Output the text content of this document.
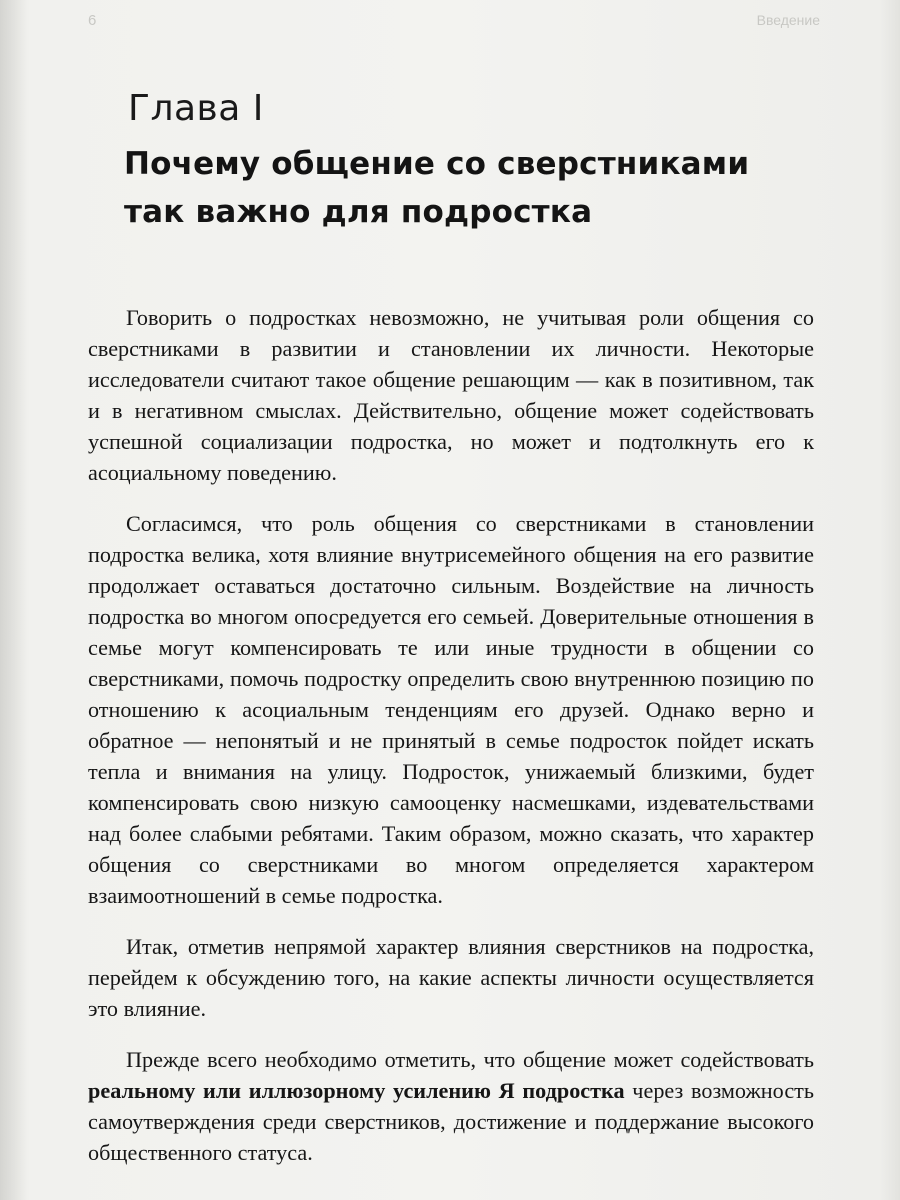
6	Введение
Глава I
Почему общение со сверстниками
так важно для подростка

Говорить о подростках невозможно, не учитывая роли общения со сверстниками в развитии и становлении их личности. Некоторые исследователи считают такое общение решающим — как в позитивном, так и в негативном смыслах. Действительно, общение может содействовать успешной социализации подростка, но может и подтолкнуть его к асоциальному поведению.

Согласимся, что роль общения со сверстниками в становлении подростка велика, хотя влияние внутрисемейного общения на его развитие продолжает оставаться достаточно сильным. Воздействие на личность подростка во многом опосредуется его семьей. Доверительные отношения в семье могут компенсировать те или иные трудности в общении со сверстниками, помочь подростку определить свою внутреннюю позицию по отношению к асоциальным тенденциям его друзей. Однако верно и обратное — непонятый и не принятый в семье подросток пойдет искать тепла и внимания на улицу. Подросток, унижаемый близкими, будет компенсировать свою низкую самооценку насмешками, издевательствами над более слабыми ребятами. Таким образом, можно сказать, что характер общения со сверстниками во многом определяется характером взаимоотношений в семье подростка.

Итак, отметив непрямой характер влияния сверстников на подростка, перейдем к обсуждению того, на какие аспекты личности осуществляется это влияние.

Прежде всего необходимо отметить, что общение может содействовать реальному или иллюзорному усилению Я подростка через возможность самоутверждения среди сверстников, достижение и поддержание высокого общественного статуса.
